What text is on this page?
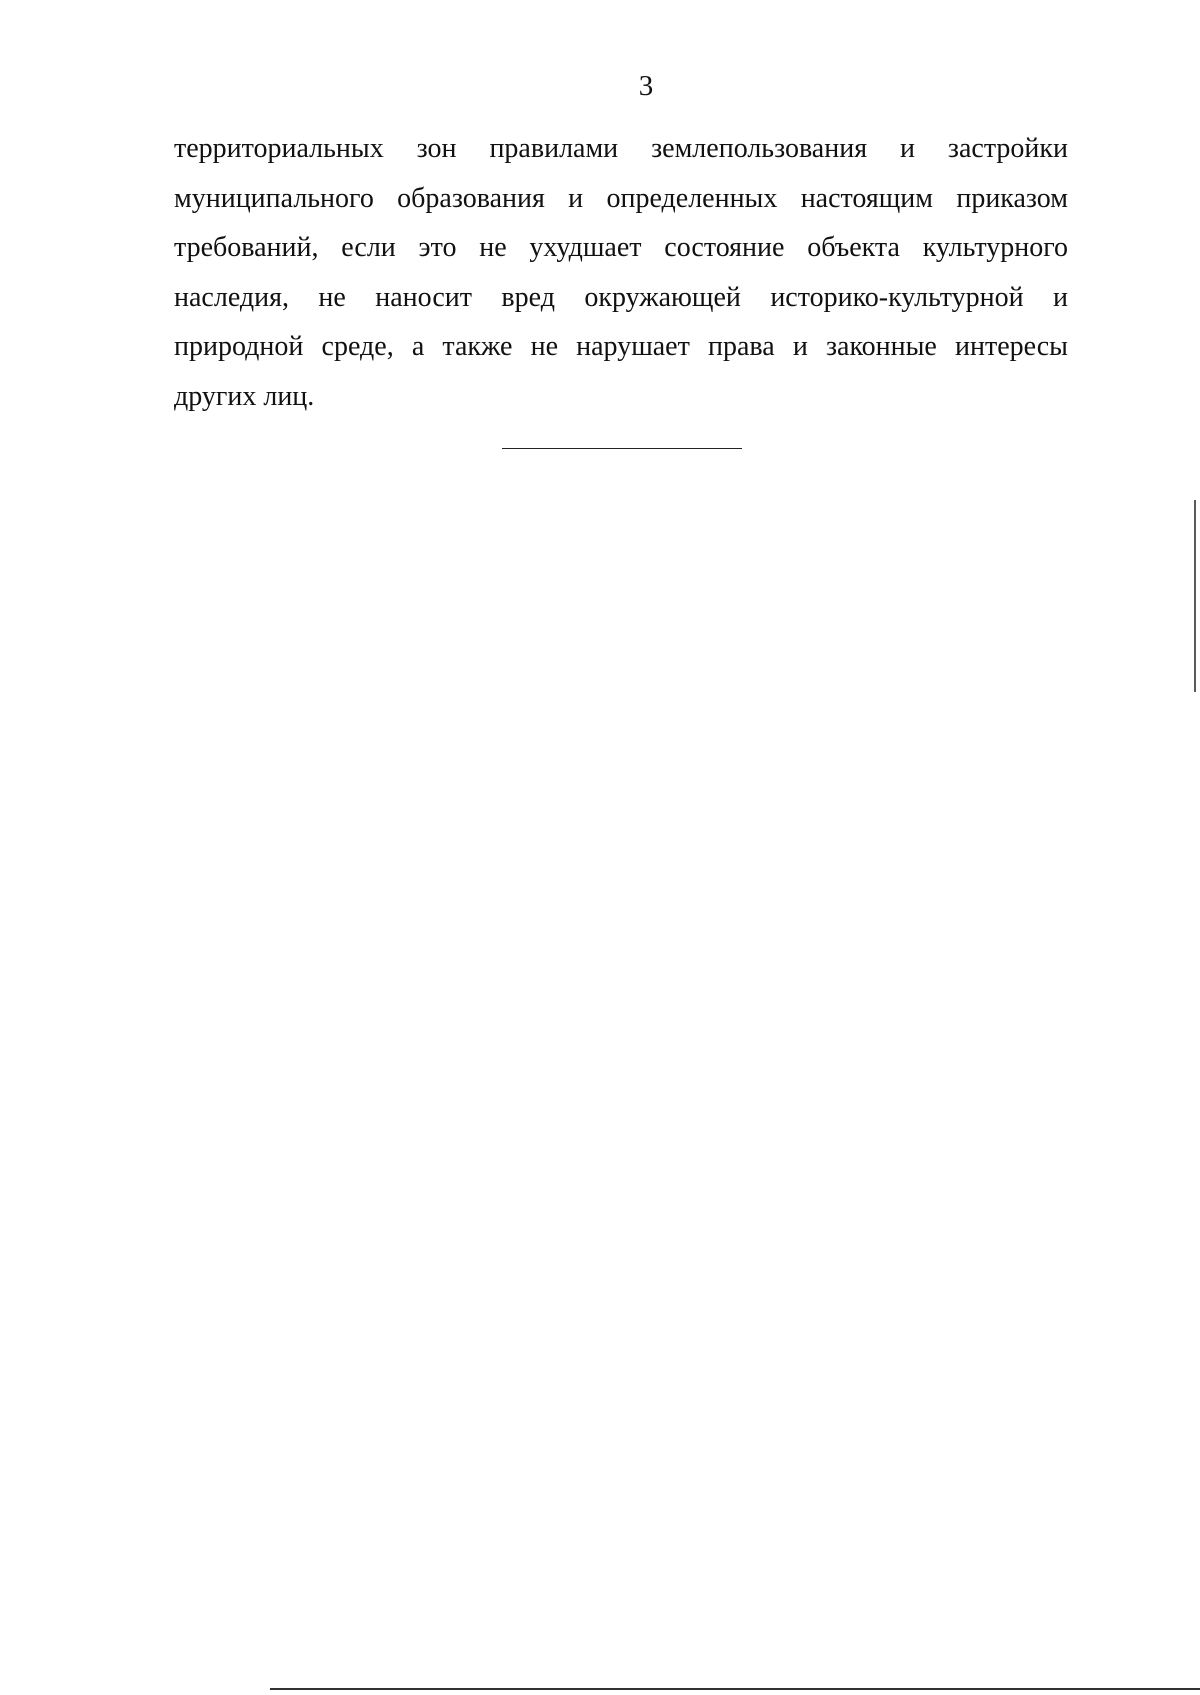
3
территориальных зон правилами землепользования и застройки
муниципального образования и определенных настоящим приказом
требований, если это не ухудшает состояние объекта культурного
наследия, не наносит вред окружающей историко-культурной и
природной среде, а также не нарушает права и законные интересы
других лиц.
